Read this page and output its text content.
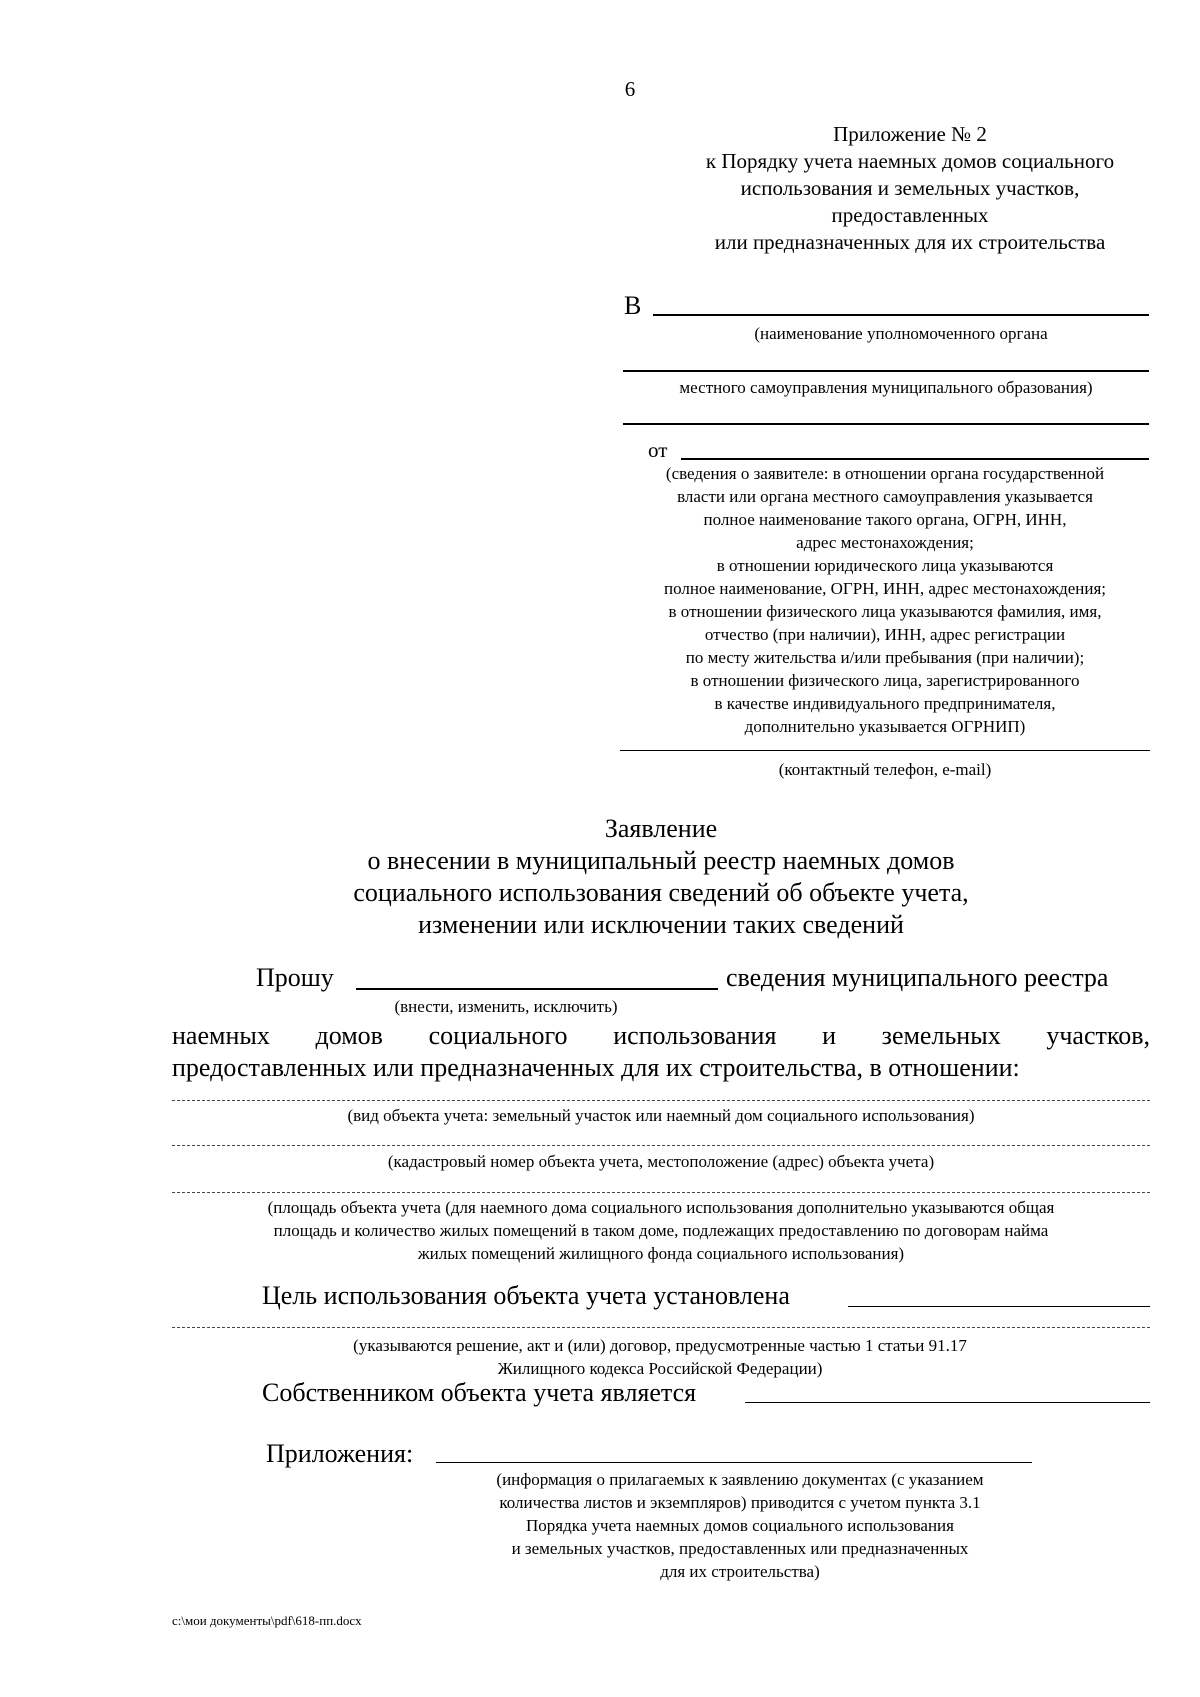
6
Приложение № 2
к Порядку учета наемных домов социального
использования и земельных участков,
предоставленных
или предназначенных для их строительства
В
(наименование уполномоченного органа
местного самоуправления муниципального образования)
от
(сведения о заявителе: в отношении органа государственной
власти или органа местного самоуправления указывается
полное наименование такого органа, ОГРН, ИНН,
адрес местонахождения;
в отношении юридического лица указываются
полное наименование, ОГРН, ИНН, адрес местонахождения;
в отношении физического лица указываются фамилия, имя,
отчество (при наличии), ИНН, адрес регистрации
по месту жительства и/или пребывания (при наличии);
в отношении физического лица, зарегистрированного
в качестве индивидуального предпринимателя,
дополнительно указывается ОГРНИП)
(контактный телефон, e-mail)
Заявление
о внесении в муниципальный реестр наемных домов
социального использования сведений об объекте учета,
изменении или исключении таких сведений
Прошу	сведения муниципального реестра
(внести, изменить, исключить)
наемных домов социального использования и земельных участков,
предоставленных или предназначенных для их строительства, в отношении:
(вид объекта учета: земельный участок или наемный дом социального использования)
(кадастровый номер объекта учета, местоположение (адрес) объекта учета)
(площадь объекта учета (для наемного дома социального использования дополнительно указываются общая
площадь и количество жилых помещений в таком доме, подлежащих предоставлению по договорам найма
жилых помещений жилищного фонда социального использования)
Цель использования объекта учета установлена
(указываются решение, акт и (или) договор, предусмотренные частью 1 статьи 91.17
Жилищного кодекса Российской Федерации)
Собственником объекта учета является
Приложения:
(информация о прилагаемых к заявлению документах (с указанием
количества листов и экземпляров) приводится с учетом пункта 3.1
Порядка учета наемных домов социального использования
и земельных участков, предоставленных или предназначенных
для их строительства)
c:\мои документы\pdf\618-пп.docx
